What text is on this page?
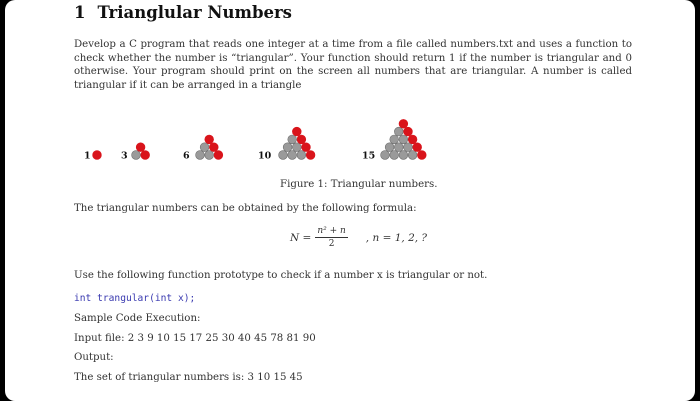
1 Trianglular Numbers
Develop a C program that reads one integer at a time from a file called numbers.txt and uses a function to check whether the number is “triangular”. Your function should return 1 if the number is triangular and 0 otherwise. Your program should print on the screen all numbers that are triangular. A number is called triangular if it can be arranged in a triangle
1	3	6	10	15
Figure 1: Triangular numbers.
The triangular numbers can be obtained by the following formula:
$N = \frac{\text{n² + n}}{2}$ , n = 1, 2, ?
Use the following function prototype to check if a number x is triangular or not.
int trangular(int x);
Sample Code Execution:
Input file: 2 3 9 10 15 17 25 30 40 45 78 81 90
Output:
The set of triangular numbers is: 3 10 15 45
